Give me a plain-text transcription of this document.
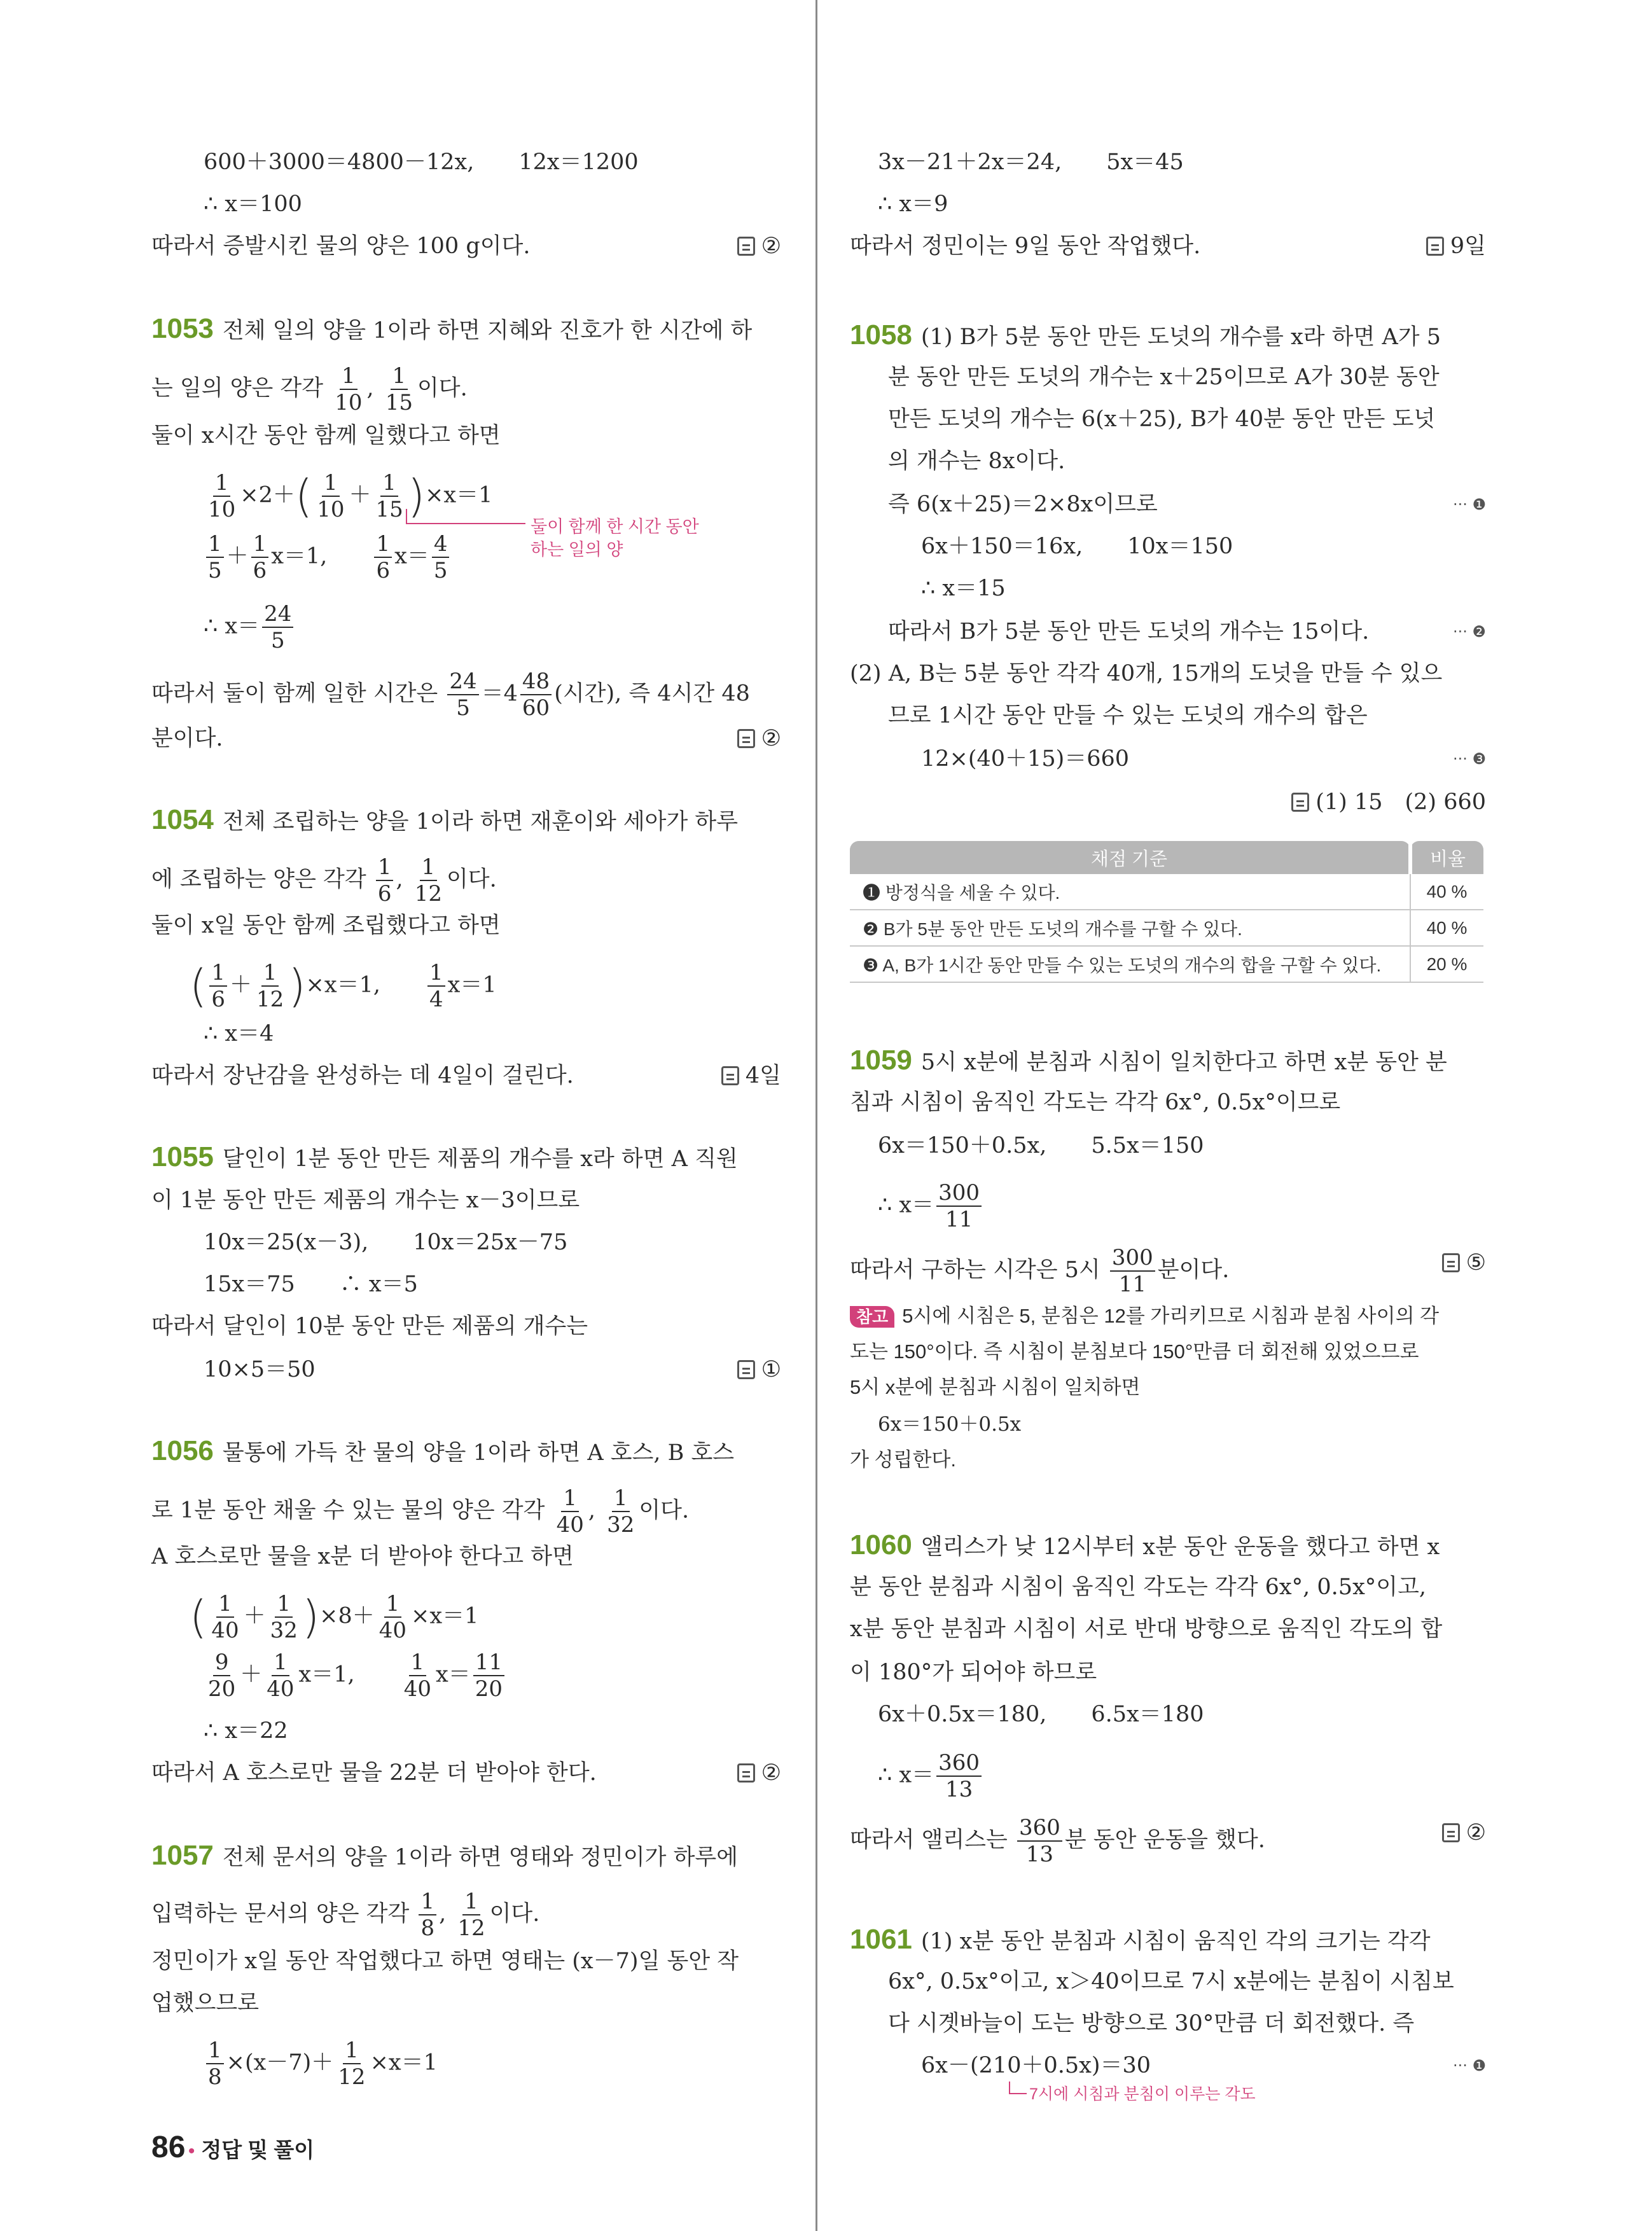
600＋3000＝4800－12x,　　12x＝1200
∴ x＝100
따라서 증발시킨 물의 양은 100 g이다.	②
1053 전체 일의 양을 1이라 하면 지혜와 진호가 한 시간에 하
는 일의 양은 각각 $\frac{1}{10}$ , $\frac{1}{15}$ 이다.
둘이 x시간 동안 함께 일했다고 하면
$\frac{1}{10} \times 2+( \frac{1}{10} + \frac{1}{15} )\times x=1$
둘이 함께 한 시간 동안
하는 일의 양
$\frac{1}{5} + \frac{1}{6} x=1$,　　 $\frac{1}{6} x= \frac{4}{5}$
∴ $x= \frac{24}{5}$
따라서 둘이 함께 일한 시간은 $\frac{24}{5} =4 \frac{48}{60}$ (시간), 즉 4시간 48
분이다.	②
1054 전체 조립하는 양을 1이라 하면 재훈이와 세아가 하루
에 조립하는 양은 각각 $\frac{1}{6}$ , $\frac{1}{12}$ 이다.
둘이 x일 동안 함께 조립했다고 하면
( $\frac{1}{6} + \frac{1}{12} )\times x=1$,　　 $\frac{1}{4} x=1$
∴ x＝4
따라서 장난감을 완성하는 데 4일이 걸린다.	4일
1055 달인이 1분 동안 만든 제품의 개수를 x라 하면 A 직원
이 1분 동안 만든 제품의 개수는 x－3이므로
10x＝25(x－3),　　10x＝25x－75
15x＝75　　∴ x＝5
따라서 달인이 10분 동안 만든 제품의 개수는
10×5＝50	①
1056 물통에 가득 찬 물의 양을 1이라 하면 A 호스, B 호스
로 1분 동안 채울 수 있는 물의 양은 각각 $\frac{1}{40}$ , $\frac{1}{32}$ 이다.
A 호스로만 물을 x분 더 받아야 한다고 하면
( $\frac{1}{40} + \frac{1}{32} )\times 8+ \frac{1}{40} \times x=1$
$\frac{9}{20} + \frac{1}{40} x=1$,　　 $\frac{1}{40} x= \frac{11}{20}$
∴ x＝22
따라서 A 호스로만 물을 22분 더 받아야 한다.	②
1057 전체 문서의 양을 1이라 하면 영태와 정민이가 하루에
입력하는 문서의 양은 각각 $\frac{1}{8}$ , $\frac{1}{12}$ 이다.
정민이가 x일 동안 작업했다고 하면 영태는 (x－7)일 동안 작
업했으므로
$\frac{1}{8} \times(x-7)+ \frac{1}{12} \times x=1$
86 • 정답 및 풀이
3x－21＋2x＝24,　　5x＝45
∴ x＝9
따라서 정민이는 9일 동안 작업했다.	9일
1058 (1) B가 5분 동안 만든 도넛의 개수를 x라 하면 A가 5
분 동안 만든 도넛의 개수는 x＋25이므로 A가 30분 동안
만든 도넛의 개수는 6(x＋25), B가 40분 동안 만든 도넛
의 개수는 8x이다.
즉 6(x＋25)＝2×8x이므로	··· ❶
6x＋150＝16x,　　10x＝150
∴ x＝15
따라서 B가 5분 동안 만든 도넛의 개수는 15이다.	··· ❷
(2) A, B는 5분 동안 각각 40개, 15개의 도넛을 만들 수 있으
므로 1시간 동안 만들 수 있는 도넛의 개수의 합은
12×(40＋15)＝660	··· ❸
(1) 15　(2) 660
채점 기준	비율
❶ 방정식을 세울 수 있다.	40 %
❷ B가 5분 동안 만든 도넛의 개수를 구할 수 있다.	40 %
❸ A, B가 1시간 동안 만들 수 있는 도넛의 개수의 합을 구할 수 있다.	20 %
1059 5시 x분에 분침과 시침이 일치한다고 하면 x분 동안 분
침과 시침이 움직인 각도는 각각 6x°, 0.5x°이므로
6x＝150＋0.5x,　　5.5x＝150
∴ $x= \frac{300}{11}$
따라서 구하는 시각은 5시 $\frac{300}{11}$ 분이다.	⑤
참고 5시에 시침은 5, 분침은 12를 가리키므로 시침과 분침 사이의 각
도는 150°이다. 즉 시침이 분침보다 150°만큼 더 회전해 있었으므로
5시 x분에 분침과 시침이 일치하면
6x＝150＋0.5x
가 성립한다.
1060 앨리스가 낮 12시부터 x분 동안 운동을 했다고 하면 x
분 동안 분침과 시침이 움직인 각도는 각각 6x°, 0.5x°이고,
x분 동안 분침과 시침이 서로 반대 방향으로 움직인 각도의 합
이 180°가 되어야 하므로
6x＋0.5x＝180,　　6.5x＝180
∴ $x= \frac{360}{13}$
따라서 앨리스는 $\frac{360}{13}$ 분 동안 운동을 했다.	②
1061 (1) x분 동안 분침과 시침이 움직인 각의 크기는 각각
6x°, 0.5x°이고, x＞40이므로 7시 x분에는 분침이 시침보
다 시곗바늘이 도는 방향으로 30°만큼 더 회전했다. 즉
6x－(210＋0.5x)＝30	··· ❶
7시에 시침과 분침이 이루는 각도
